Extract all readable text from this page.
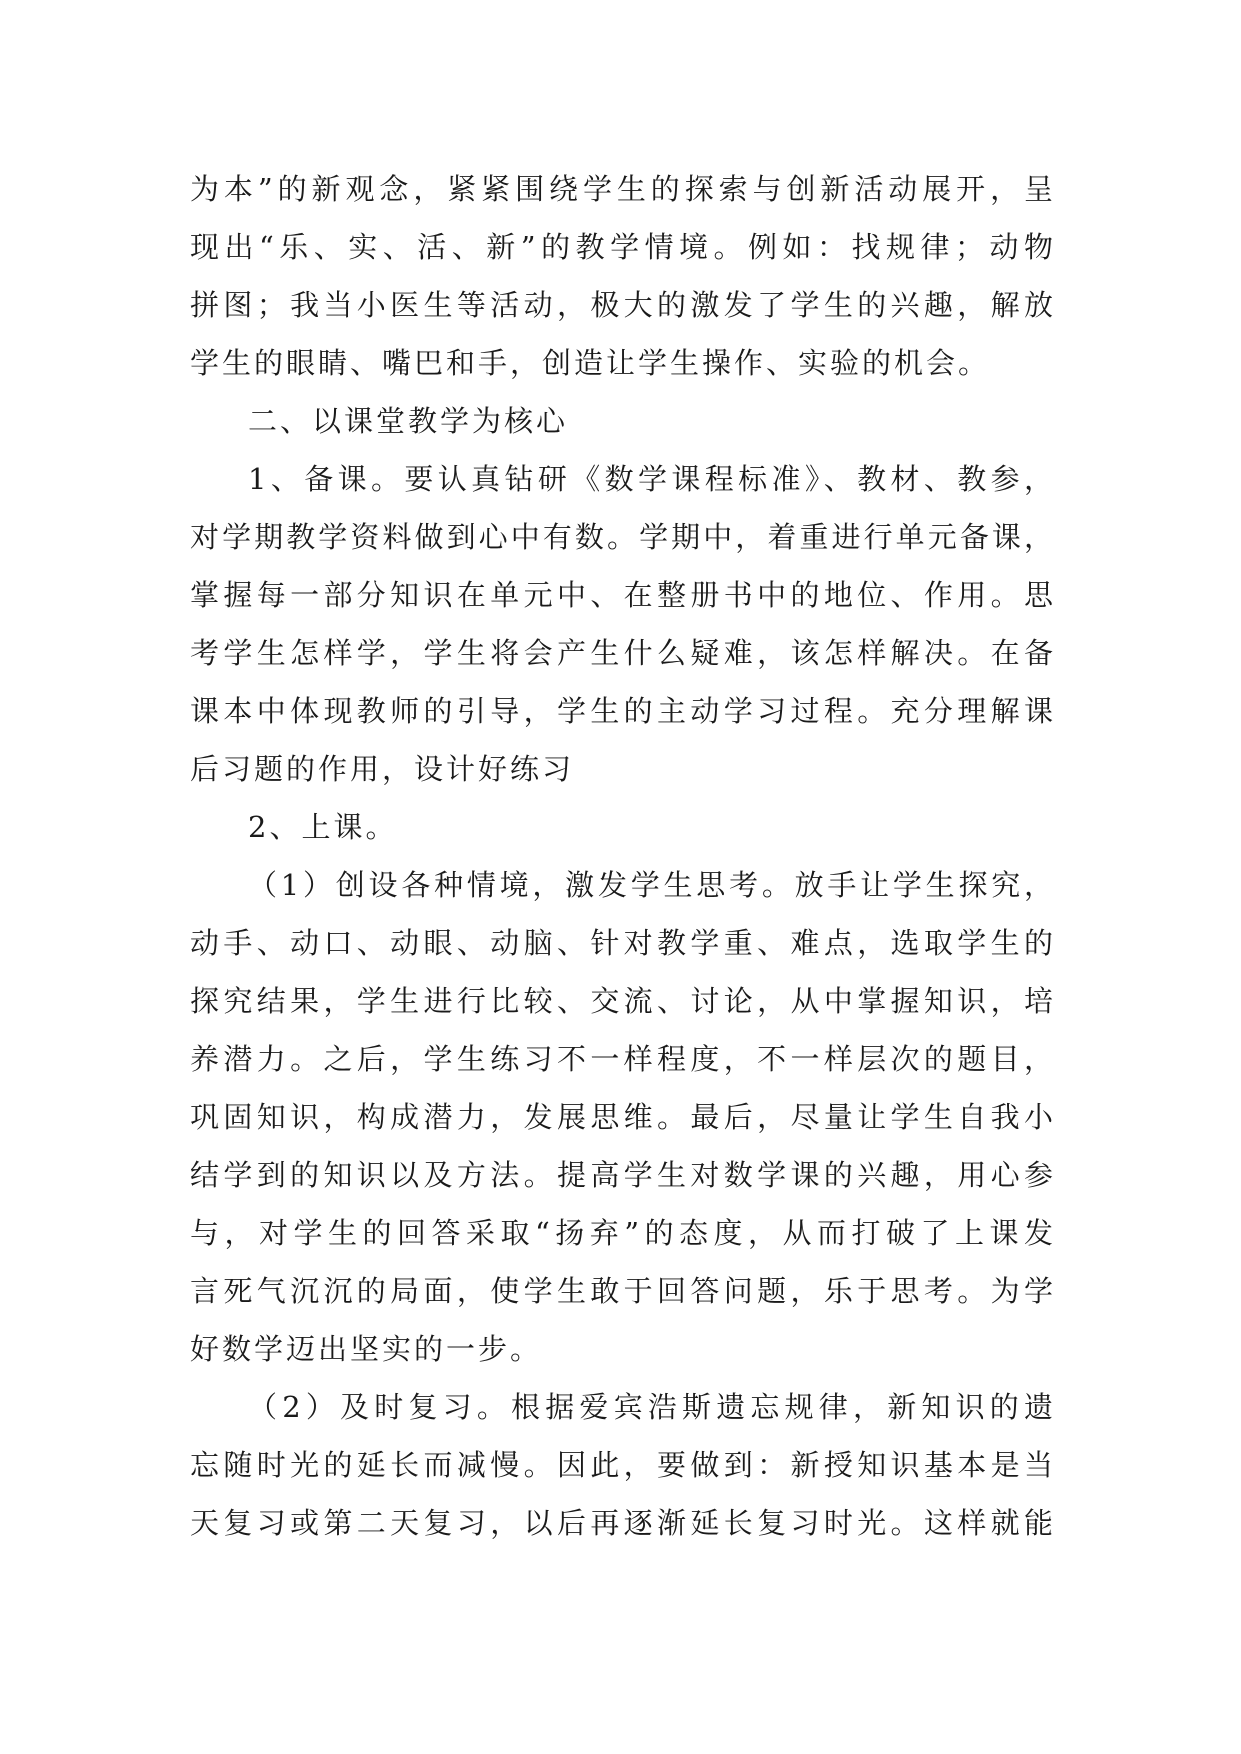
为本”的新观念，紧紧围绕学生的探索与创新活动展开，呈
现出“乐、实、活、新”的教学情境。例如：找规律；动物
拼图；我当小医生等活动，极大的激发了学生的兴趣，解放
学生的眼睛、嘴巴和手，创造让学生操作、实验的机会。
二、以课堂教学为核心
1、备课。要认真钻研《数学课程标准》、教材、教参，
对学期教学资料做到心中有数。学期中，着重进行单元备课，
掌握每一部分知识在单元中、在整册书中的地位、作用。思
考学生怎样学，学生将会产生什么疑难，该怎样解决。在备
课本中体现教师的引导，学生的主动学习过程。充分理解课
后习题的作用，设计好练习
2、上课。
（1）创设各种情境，激发学生思考。放手让学生探究，
动手、动口、动眼、动脑、针对教学重、难点，选取学生的
探究结果，学生进行比较、交流、讨论，从中掌握知识，培
养潜力。之后，学生练习不一样程度，不一样层次的题目，
巩固知识，构成潜力，发展思维。最后，尽量让学生自我小
结学到的知识以及方法。提高学生对数学课的兴趣，用心参
与，对学生的回答采取“扬弃”的态度，从而打破了上课发
言死气沉沉的局面，使学生敢于回答问题，乐于思考。为学
好数学迈出坚实的一步。
（2）及时复习。根据爱宾浩斯遗忘规律，新知识的遗
忘随时光的延长而减慢。因此，要做到：新授知识基本是当
天复习或第二天复习，以后再逐渐延长复习时光。这样就能
